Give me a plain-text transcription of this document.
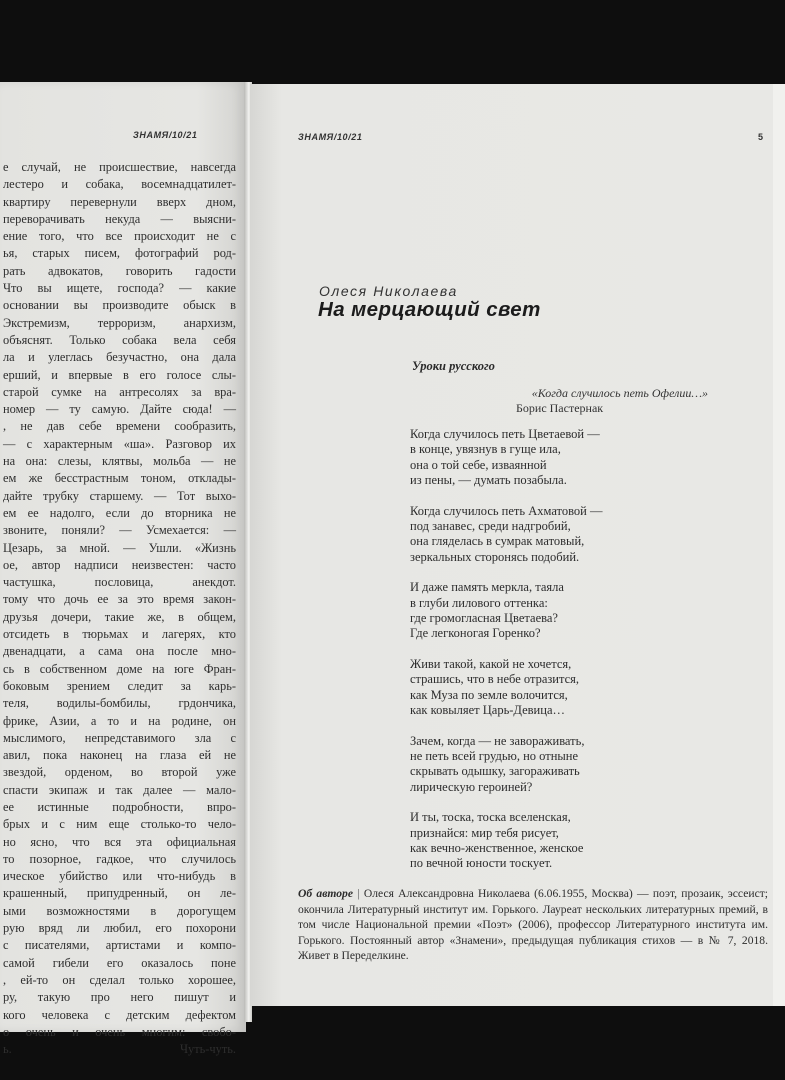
ЗНАМЯ/10/21
е случай, не происшествие, навсегда
лестеро и собака, восемнадцатилет-
квартиру перевернули вверх дном,
переворачивать некуда — выясни-
ение того, что все происходит не с
ья, старых писем, фотографий род-
рать адвокатов, говорить гадости
Что вы ищете, господа? — какие
основании вы производите обыск в
Экстремизм, терроризм, анархизм,
объяснят. Только собака вела себя
ла и улеглась безучастно, она дала
ерший, и впервые в его голосе слы-
старой сумке на антресолях за вра-
номер — ту самую. Дайте сюда! —
, не дав себе времени сообразить,
— с характерным «ша». Разговор их
на она: слезы, клятвы, мольба — не
ем же бесстрастным тоном, отклады-
дайте трубку старшему. — Тот выхо-
ем ее надолго, если до вторника не
звоните, поняли? — Усмехается: —
Цезарь, за мной. — Ушли. «Жизнь
ое, автор надписи неизвестен: часто
частушка, пословица, анекдот.
тому что дочь ее за это время закон-
друзья дочери, такие же, в общем,
отсидеть в тюрьмах и лагерях, кто
двенадцати, а сама она после мно-
сь в собственном доме на юге Фран-
боковым зрением следит за карь-
теля, водилы-бомбилы, грдончика,
фрике, Азии, а то и на родине, он
мыслимого, непредставимого зла с
авил, пока наконец на глаза ей не
звездой, орденом, во второй уже
спасти экипаж и так далее — мало-
ее истинные подробности, впро-
брых и с ним еще столько-то чело-
но ясно, что вся эта официальная
то позорное, гадкое, что случилось
ическое убийство или что-нибудь в
крашенный, припудренный, он ле-
ыми возможностями в дорогущем
рую вряд ли любил, его похорони
с писателями, артистами и компо-
самой гибели его оказалось поне
, ей-то он сделал только хорошее,
ру, такую про него пишут и
кого человека с детским дефектом
о очень и очень многим: свобо-
ь. Чуть-чуть.
ЗНАМЯ/10/21	5
Олеся Николаева
На мерцающий свет
Уроки русского
«Когда случилось петь Офелии…»
Борис Пастернак
Когда случилось петь Цветаевой —
в конце, увязнув в гуще ила,
она о той себе, изваянной
из пены, — думать позабыла.
Когда случилось петь Ахматовой —
под занавес, среди надгробий,
она гляделась в сумрак матовый,
зеркальных сторонясь подобий.
И даже память меркла, таяла
в глуби лилового оттенка:
где громогласная Цветаева?
Где легконогая Горенко?
Живи такой, какой не хочется,
страшись, что в небе отразится,
как Муза по земле волочится,
как ковыляет Царь-Девица…
Зачем, когда — не завораживать,
не петь всей грудью, но отныне
скрывать одышку, загораживать
лирическую героиней?
И ты, тоска, тоска вселенская,
признайся: мир тебя рисует,
как вечно-женственное, женское
по вечной юности тоскует.
Об авторе | Олеся Александровна Николаева (6.06.1955, Москва) — поэт, прозаик, эссеист; окончила Литературный институт им. Горького. Лауреат нескольких литературных премий, в том числе Национальной премии «Поэт» (2006), профессор Литературного института им. Горького. Постоянный автор «Знамени», предыдущая публикация стихов — в № 7, 2018. Живет в Переделкине.
